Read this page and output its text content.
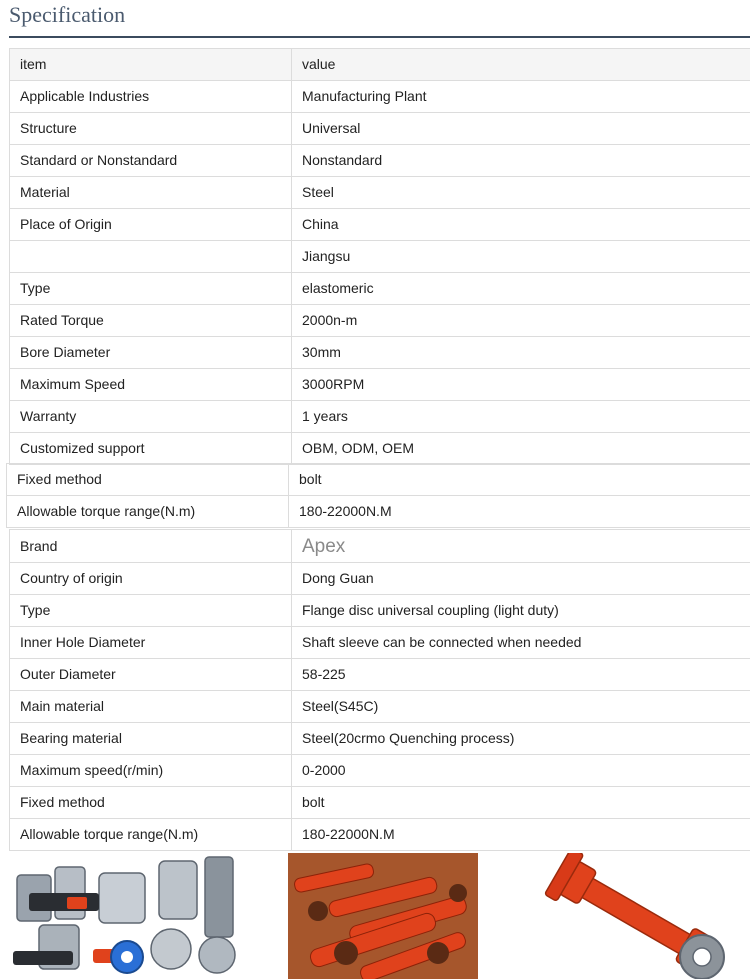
Specification
item	value
Applicable Industries	Manufacturing Plant
Structure	Universal
Standard or Nonstandard	Nonstandard
Material	Steel
Place of Origin	China
	Jiangsu
Type	elastomeric
Rated Torque	2000n-m
Bore Diameter	30mm
Maximum Speed	3000RPM
Warranty	1 years
Customized support	OBM, ODM, OEM
Fixed method	bolt
Allowable torque range(N.m)	180-22000N.M
Brand	Apex
Country of origin	Dong Guan
Type	Flange disc universal coupling (light duty)
Inner Hole Diameter	Shaft sleeve can be connected when needed
Outer Diameter	58-225
Main material	Steel(S45C)
Bearing material	Steel(20crmo Quenching process)
Maximum speed(r/min)	0-2000
Fixed method	bolt
Allowable torque range(N.m)	180-22000N.M
